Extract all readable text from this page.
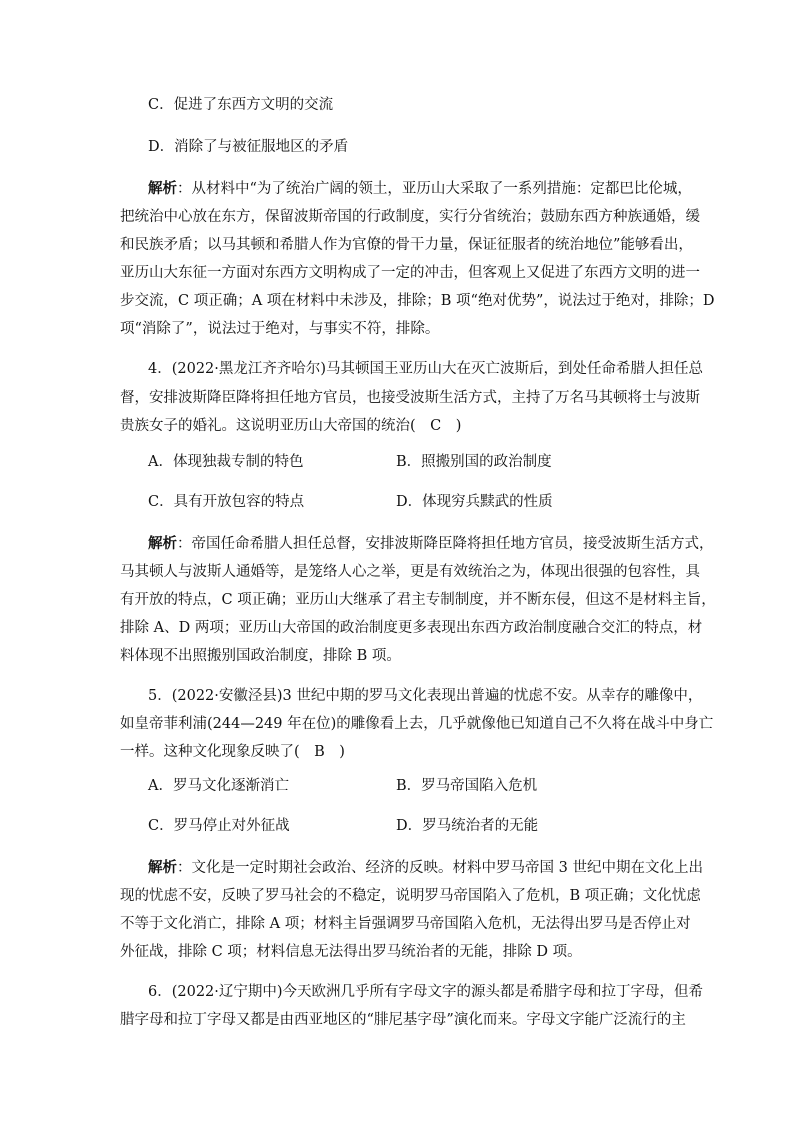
C．促进了东西方文明的交流
D．消除了与被征服地区的矛盾
解析：从材料中“为了统治广阔的领土，亚历山大采取了一系列措施：定都巴比伦城，
把统治中心放在东方，保留波斯帝国的行政制度，实行分省统治；鼓励东西方种族通婚，缓
和民族矛盾；以马其顿和希腊人作为官僚的骨干力量，保证征服者的统治地位”能够看出，
亚历山大东征一方面对东西方文明构成了一定的冲击，但客观上又促进了东西方文明的进一
步交流，C 项正确；A 项在材料中未涉及，排除；B 项“绝对优势”，说法过于绝对，排除；D
项“消除了”，说法过于绝对，与事实不符，排除。
4．(2022·黑龙江齐齐哈尔)马其顿国王亚历山大在灭亡波斯后，到处任命希腊人担任总
督，安排波斯降臣降将担任地方官员，也接受波斯生活方式，主持了万名马其顿将士与波斯
贵族女子的婚礼。这说明亚历山大帝国的统治(　C　)
A．体现独裁专制的特色	B．照搬别国的政治制度
C．具有开放包容的特点	D．体现穷兵黩武的性质
解析：帝国任命希腊人担任总督，安排波斯降臣降将担任地方官员，接受波斯生活方式，
马其顿人与波斯人通婚等，是笼络人心之举，更是有效统治之为，体现出很强的包容性，具
有开放的特点，C 项正确；亚历山大继承了君主专制制度，并不断东侵，但这不是材料主旨，
排除 A、D 两项；亚历山大帝国的政治制度更多表现出东西方政治制度融合交汇的特点，材
料体现不出照搬别国政治制度，排除 B 项。
5．(2022·安徽泾县)3 世纪中期的罗马文化表现出普遍的忧虑不安。从幸存的雕像中，
如皇帝菲利浦(244—249 年在位)的雕像看上去，几乎就像他已知道自己不久将在战斗中身亡
一样。这种文化现象反映了(　B　)
A．罗马文化逐渐消亡	B．罗马帝国陷入危机
C．罗马停止对外征战	D．罗马统治者的无能
解析：文化是一定时期社会政治、经济的反映。材料中罗马帝国 3 世纪中期在文化上出
现的忧虑不安，反映了罗马社会的不稳定，说明罗马帝国陷入了危机，B 项正确；文化忧虑
不等于文化消亡，排除 A 项；材料主旨强调罗马帝国陷入危机，无法得出罗马是否停止对
外征战，排除 C 项；材料信息无法得出罗马统治者的无能，排除 D 项。
6．(2022·辽宁期中)今天欧洲几乎所有字母文字的源头都是希腊字母和拉丁字母，但希
腊字母和拉丁字母又都是由西亚地区的“腓尼基字母”演化而来。字母文字能广泛流行的主
